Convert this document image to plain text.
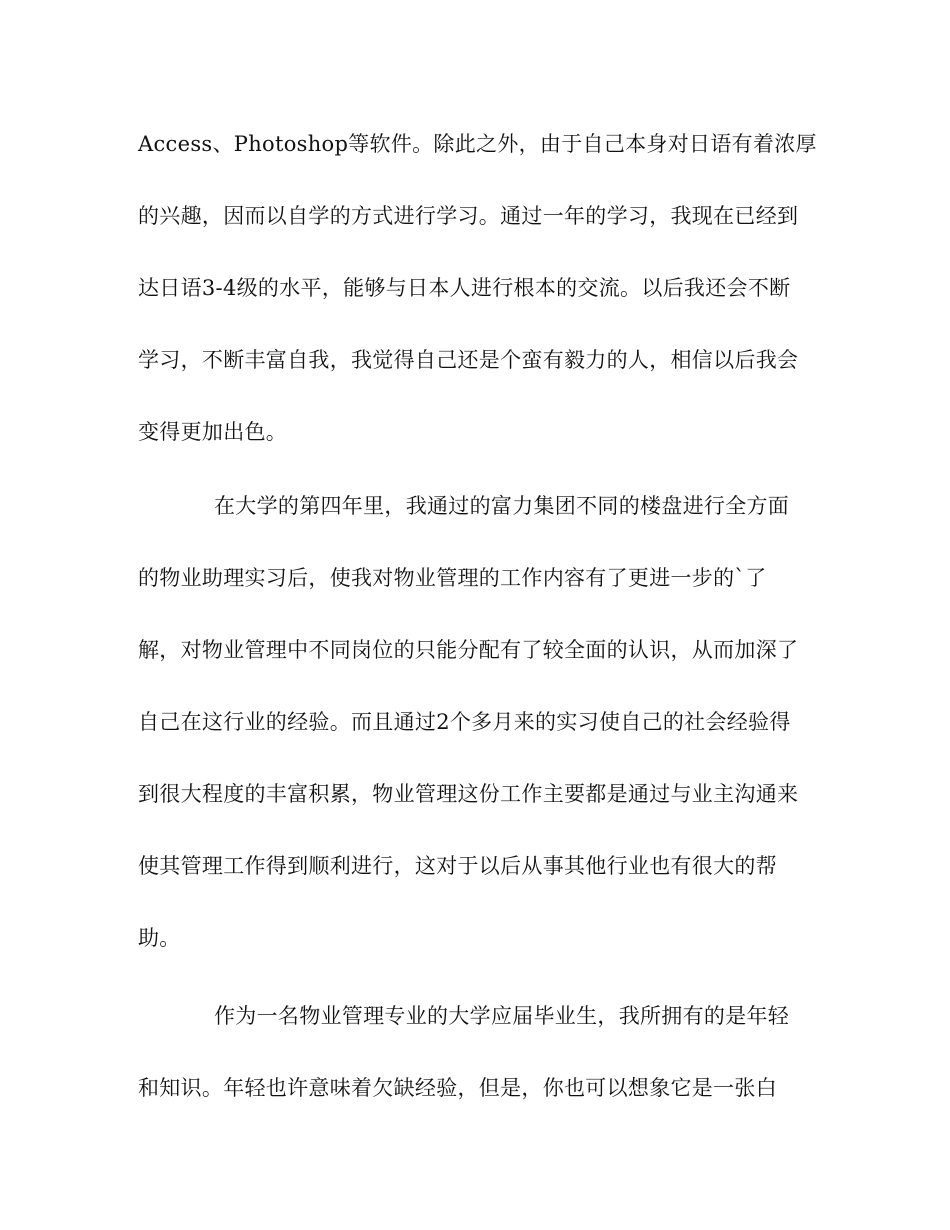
Access、Photoshop等软件。除此之外，由于自己本身对日语有着浓厚
的兴趣，因而以自学的方式进行学习。通过一年的学习，我现在已经到
达日语3-4级的水平，能够与日本人进行根本的交流。以后我还会不断
学习，不断丰富自我，我觉得自己还是个蛮有毅力的人，相信以后我会
变得更加出色。
在大学的第四年里，我通过的富力集团不同的楼盘进行全方面
的物业助理实习后，使我对物业管理的工作内容有了更进一步的`了
解，对物业管理中不同岗位的只能分配有了较全面的认识，从而加深了
自己在这行业的经验。而且通过2个多月来的实习使自己的社会经验得
到很大程度的丰富积累，物业管理这份工作主要都是通过与业主沟通来
使其管理工作得到顺利进行，这对于以后从事其他行业也有很大的帮
助。
作为一名物业管理专业的大学应届毕业生，我所拥有的是年轻
和知识。年轻也许意味着欠缺经验，但是，你也可以想象它是一张白
